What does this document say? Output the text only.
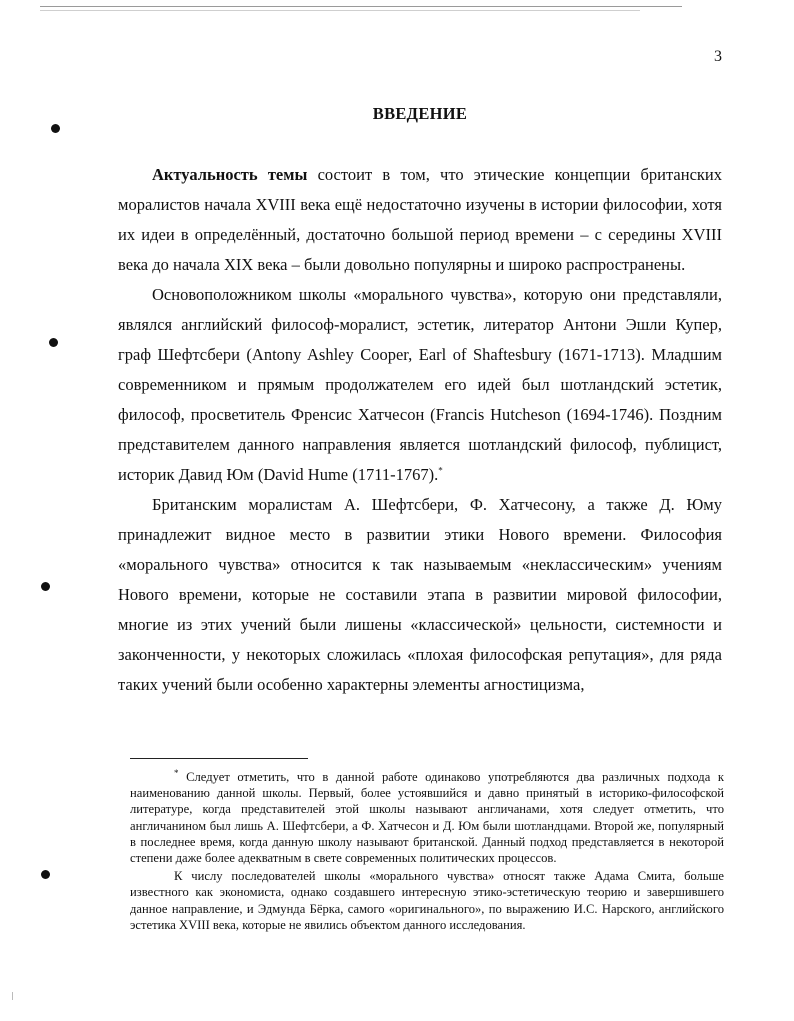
3
ВВЕДЕНИЕ

Актуальность темы состоит в том, что этические концепции британских моралистов начала XVIII века ещё недостаточно изучены в истории философии, хотя их идеи в определённый, достаточно большой период времени – с середины XVIII века до начала XIX века – были довольно популярны и широко распространены.

Основоположником школы «морального чувства», которую они представляли, являлся английский философ-моралист, эстетик, литератор Антони Эшли Купер, граф Шефтсбери (Antony Ashley Cooper, Earl of Shaftesbury (1671-1713). Младшим современником и прямым продолжателем его идей был шотландский эстетик, философ, просветитель Френсис Хатчесон (Francis Hutcheson (1694-1746). Поздним представителем данного направления является шотландский философ, публицист, историк Давид Юм (David Hume (1711-1767).*

Британским моралистам А. Шефтсбери, Ф. Хатчесону, а также Д. Юму принадлежит видное место в развитии этики Нового времени. Философия «морального чувства» относится к так называемым «неклассическим» учениям Нового времени, которые не составили этапа в развитии мировой философии, многие из этих учений были лишены «классической» цельности, системности и законченности, у некоторых сложилась «плохая философская репутация», для ряда таких учений были особенно характерны элементы агностицизма,

* Следует отметить, что в данной работе одинаково употребляются два различных подхода к наименованию данной школы. Первый, более устоявшийся и давно принятый в историко-философской литературе, когда представителей этой школы называют англичанами, хотя следует отметить, что англичанином был лишь А. Шефтсбери, а Ф. Хатчесон и Д. Юм были шотландцами. Второй же, популярный в последнее время, когда данную школу называют британской. Данный подход представляется в некоторой степени даже более адекватным в свете современных политических процессов.

К числу последователей школы «морального чувства» относят также Адама Смита, больше известного как экономиста, однако создавшего интересную этико-эстетическую теорию и завершившего данное направление, и Эдмунда Бёрка, самого «оригинального», по выражению И.С. Нарского, английского эстетика XVIII века, которые не явились объектом данного исследования.
